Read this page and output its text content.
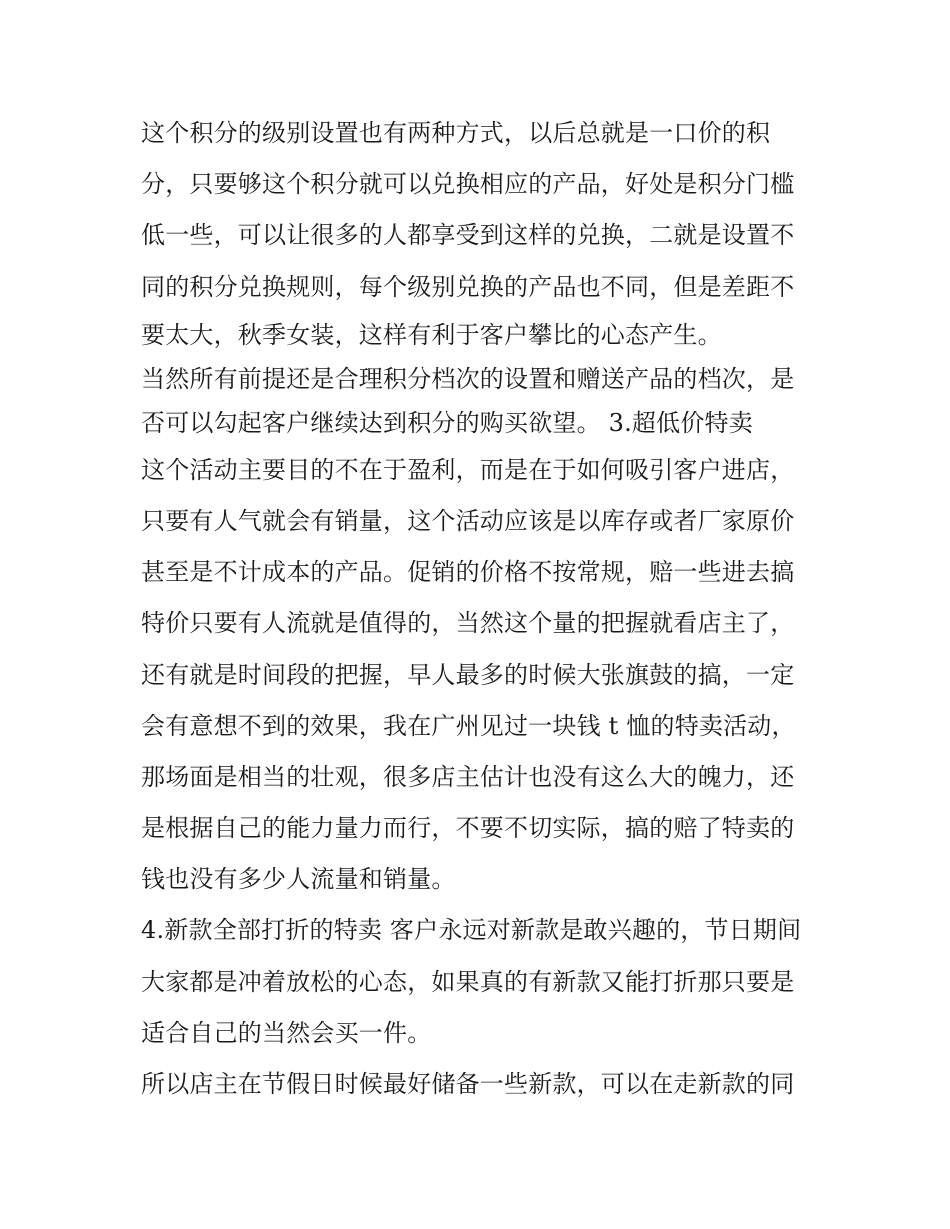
这个积分的级别设置也有两种方式，以后总就是一口价的积
分，只要够这个积分就可以兑换相应的产品，好处是积分门槛
低一些，可以让很多的人都享受到这样的兑换，二就是设置不
同的积分兑换规则，每个级别兑换的产品也不同，但是差距不
要太大，秋季女装，这样有利于客户攀比的心态产生。
当然所有前提还是合理积分档次的设置和赠送产品的档次，是
否可以勾起客户继续达到积分的购买欲望。 3.超低价特卖
这个活动主要目的不在于盈利，而是在于如何吸引客户进店，
只要有人气就会有销量，这个活动应该是以库存或者厂家原价
甚至是不计成本的产品。促销的价格不按常规，赔一些进去搞
特价只要有人流就是值得的，当然这个量的把握就看店主了，
还有就是时间段的把握，早人最多的时候大张旗鼓的搞，一定
会有意想不到的效果，我在广州见过一块钱 t 恤的特卖活动，
那场面是相当的壮观，很多店主估计也没有这么大的魄力，还
是根据自己的能力量力而行，不要不切实际，搞的赔了特卖的
钱也没有多少人流量和销量。
4.新款全部打折的特卖 客户永远对新款是敢兴趣的，节日期间
大家都是冲着放松的心态，如果真的有新款又能打折那只要是
适合自己的当然会买一件。
所以店主在节假日时候最好储备一些新款，可以在走新款的同
